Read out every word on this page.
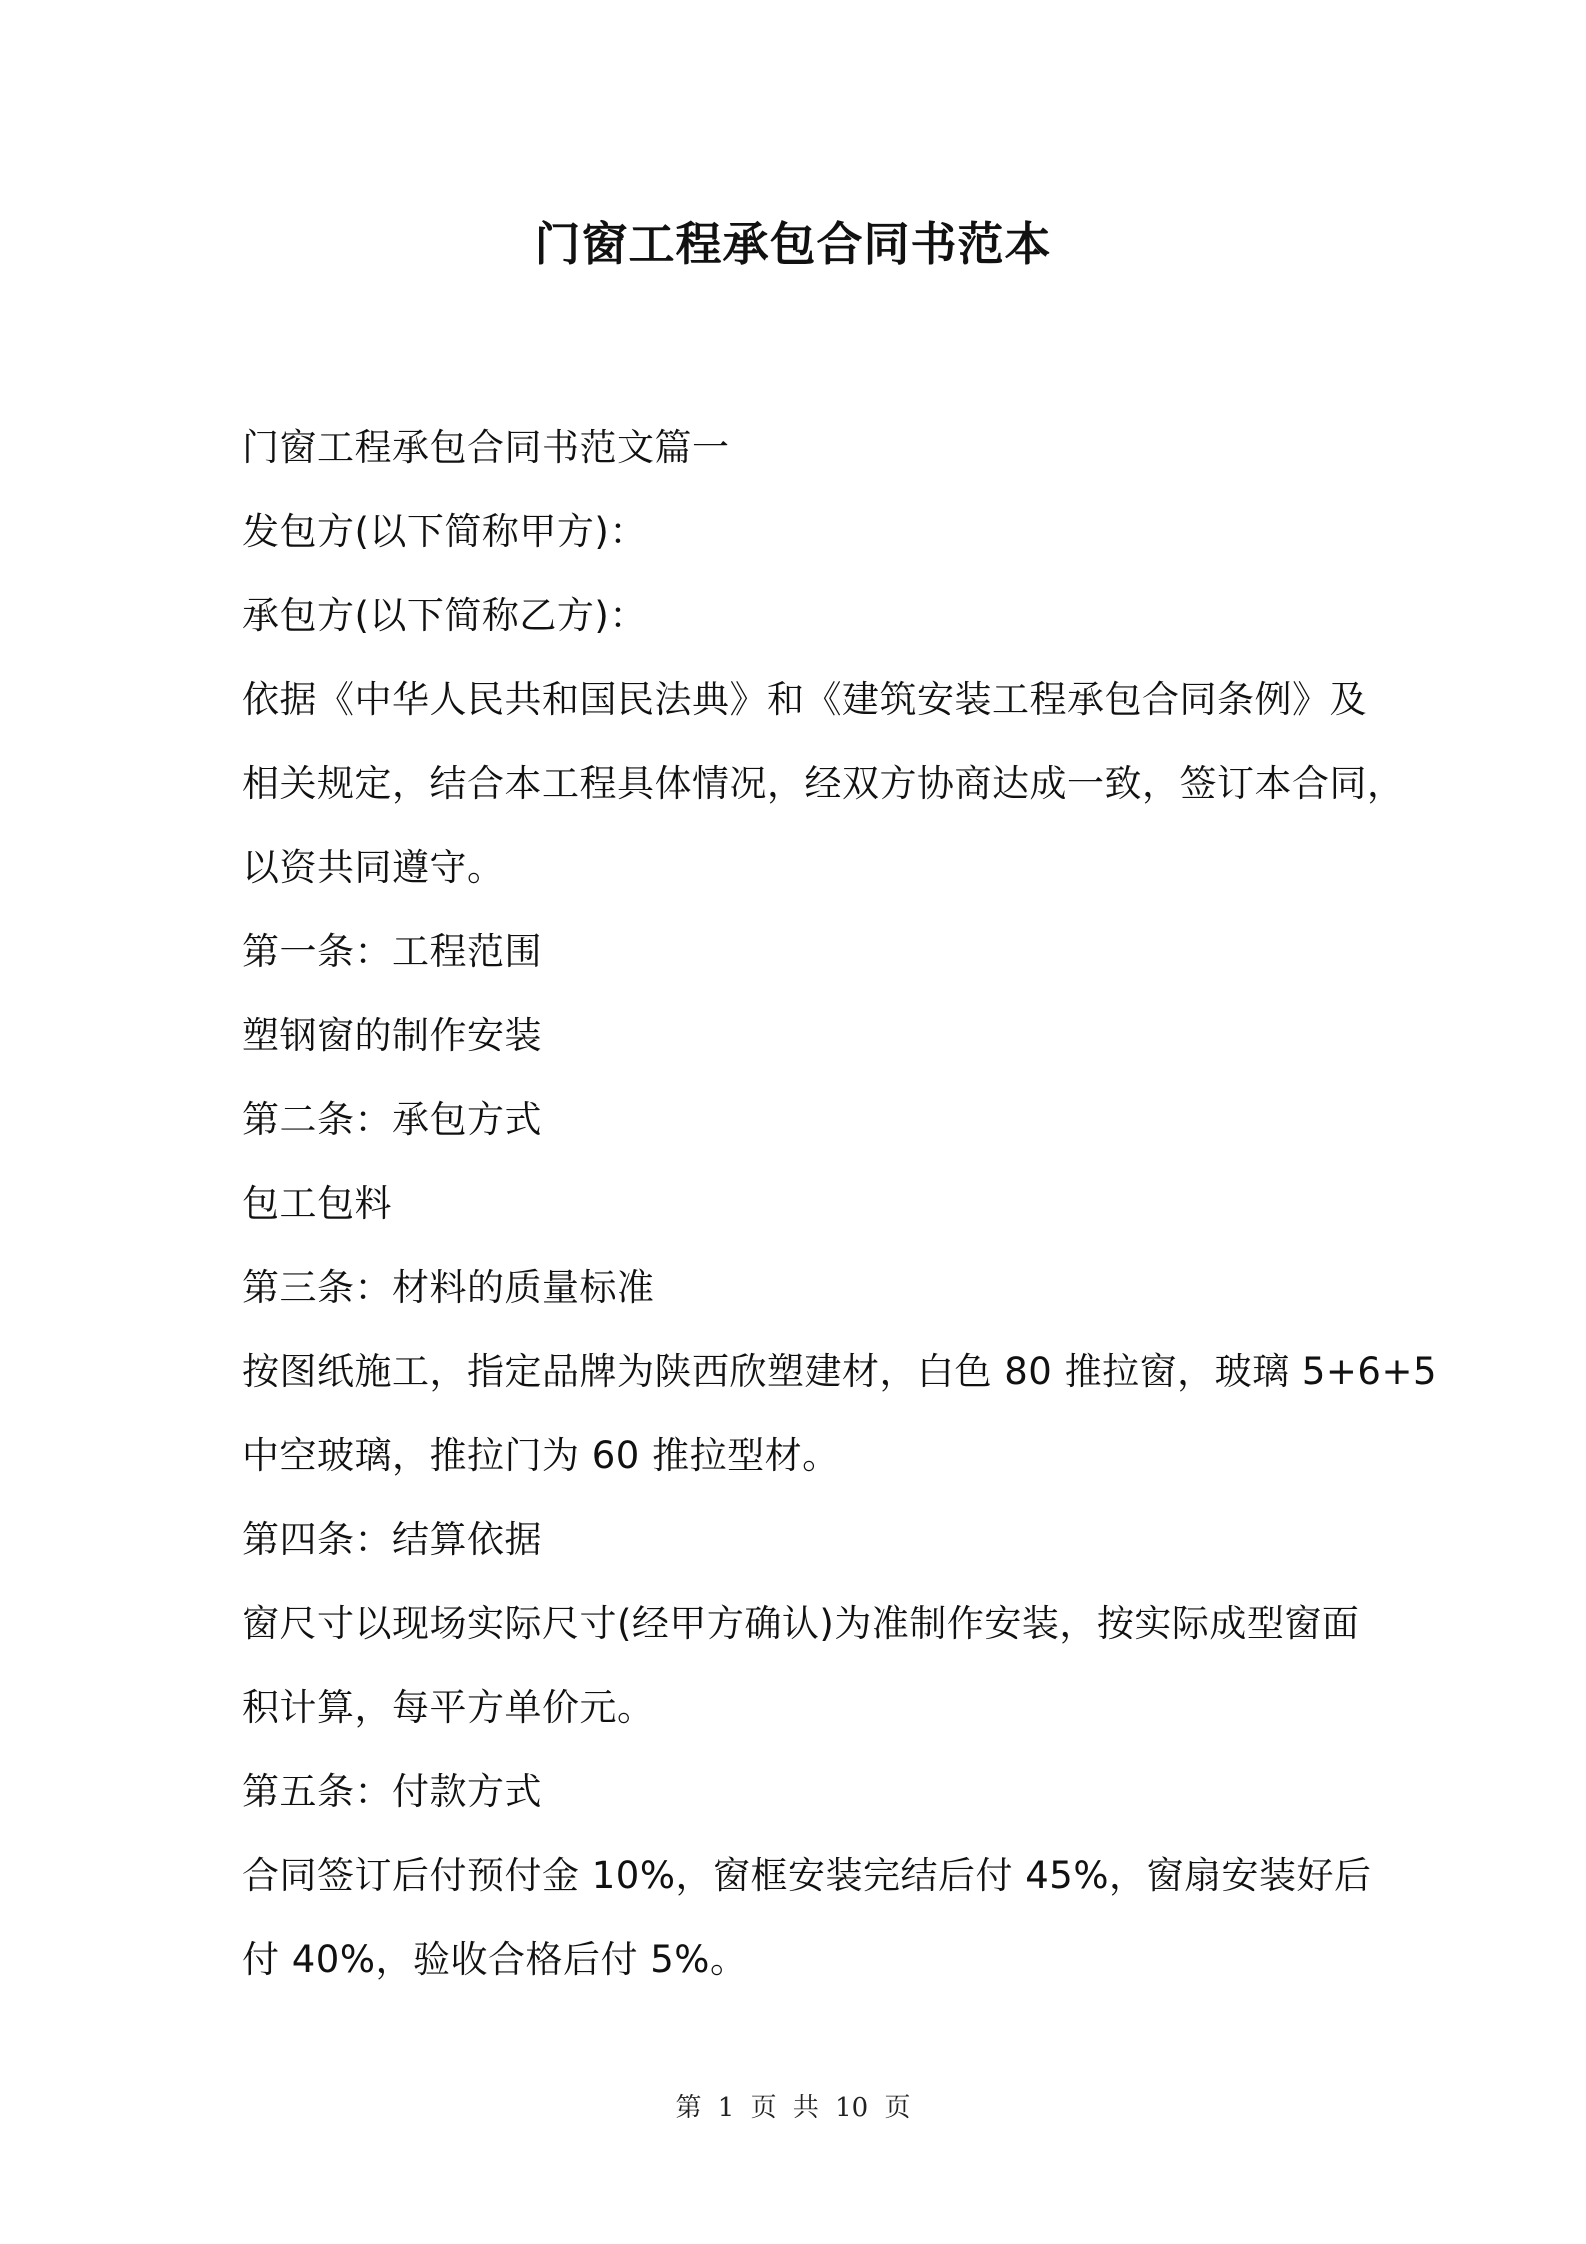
门窗工程承包合同书范本
门窗工程承包合同书范文篇一
发包方(以下简称甲方)：
承包方(以下简称乙方)：
依据《中华人民共和国民法典》和《建筑安装工程承包合同条例》及
相关规定，结合本工程具体情况，经双方协商达成一致，签订本合同，
以资共同遵守。
第一条：工程范围
塑钢窗的制作安装
第二条：承包方式
包工包料
第三条：材料的质量标准
按图纸施工，指定品牌为陕西欣塑建材，白色 80 推拉窗，玻璃 5+6+5
中空玻璃，推拉门为 60 推拉型材。
第四条：结算依据
窗尺寸以现场实际尺寸(经甲方确认)为准制作安装，按实际成型窗面
积计算，每平方单价元。
第五条：付款方式
合同签订后付预付金 10%，窗框安装完结后付 45%，窗扇安装好后
付 40%，验收合格后付 5%。
第 1 页 共 10 页
